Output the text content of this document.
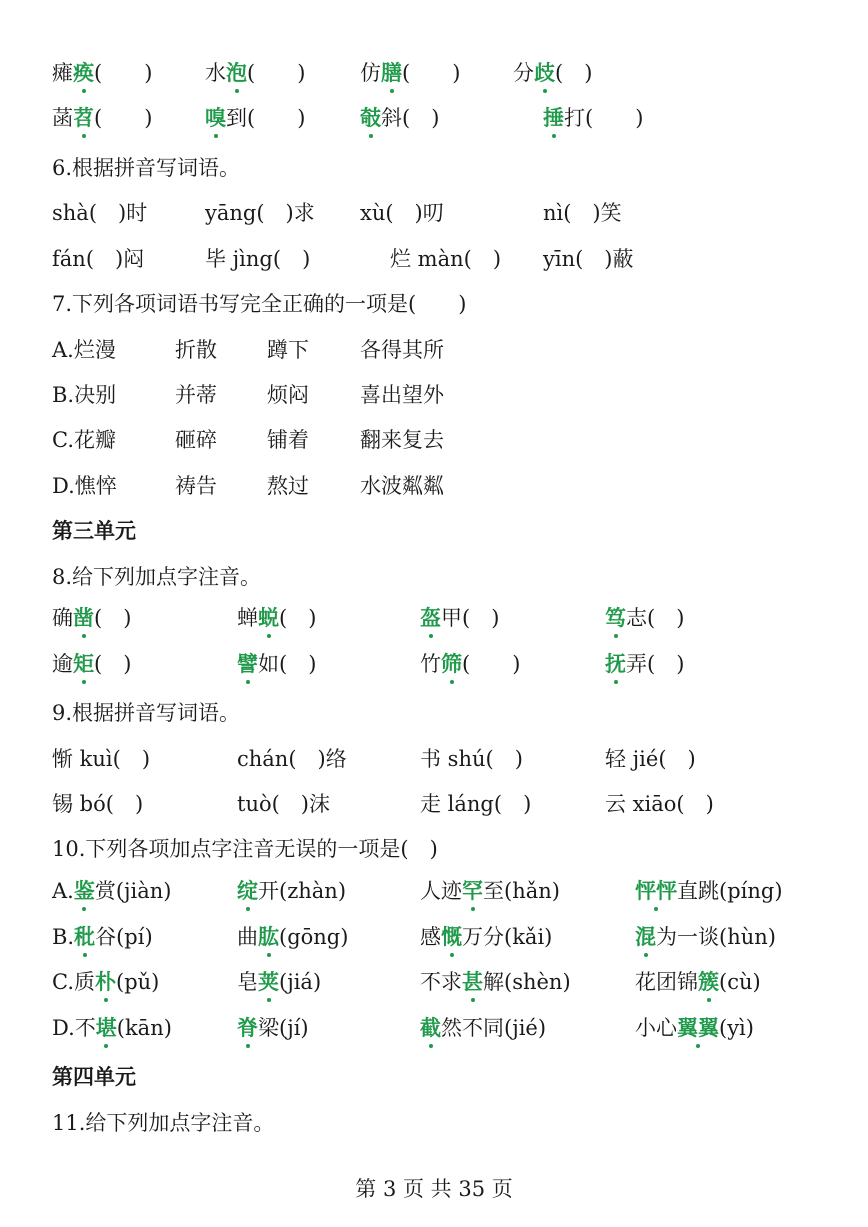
瘫痪(　　)	水泡(　　)	仿膳(　　)	分歧(　)
菡苕(　　)	嗅到(　　)	攲斜(　)	捶打(　　)
6.根据拼音写词语。
shà(　)时	yāng(　)求 xù(　)叨	nì(　)笑
fán(　)闷	毕 jìng(　)	烂 màn(　) yīn(　)蔽
7.下列各项词语书写完全正确的一项是(　　)
A.烂漫	折散 蹲下 各得其所
B.决别	并蒂 烦闷 喜出望外
C.花瓣	砸碎 铺着 翻来复去
D.憔悴	祷告 熬过 水波粼粼
第三单元
8.给下列加点字注音。
确凿(　)	蝉蜕(　)	盔甲(　)	笃志(　)
逾矩(　)	譬如(　)	竹筛(　　)	抚弄(　)
9.根据拼音写词语。
惭 kuì(　)	chán(　)络	书 shú(　)	轻 jié(　)
锡 bó(　)	tuò(　)沫	走 láng(　)	云 xiāo(　)
10.下列各项加点字注音无误的一项是(　)
A.鉴赏(jiàn)	绽开(zhàn)	人迹罕至(hǎn)	怦怦直跳(píng)
B.秕谷(pí)	曲肱(gōng)	感慨万分(kǎi)	混为一谈(hùn)
C.质朴(pǔ)	皂荚(jiá)	不求甚解(shèn)	花团锦簇(cù)
D.不堪(kān)	脊梁(jí)	截然不同(jié)	小心翼翼(yì)
第四单元
11.给下列加点字注音。
第 3 页 共 35 页
